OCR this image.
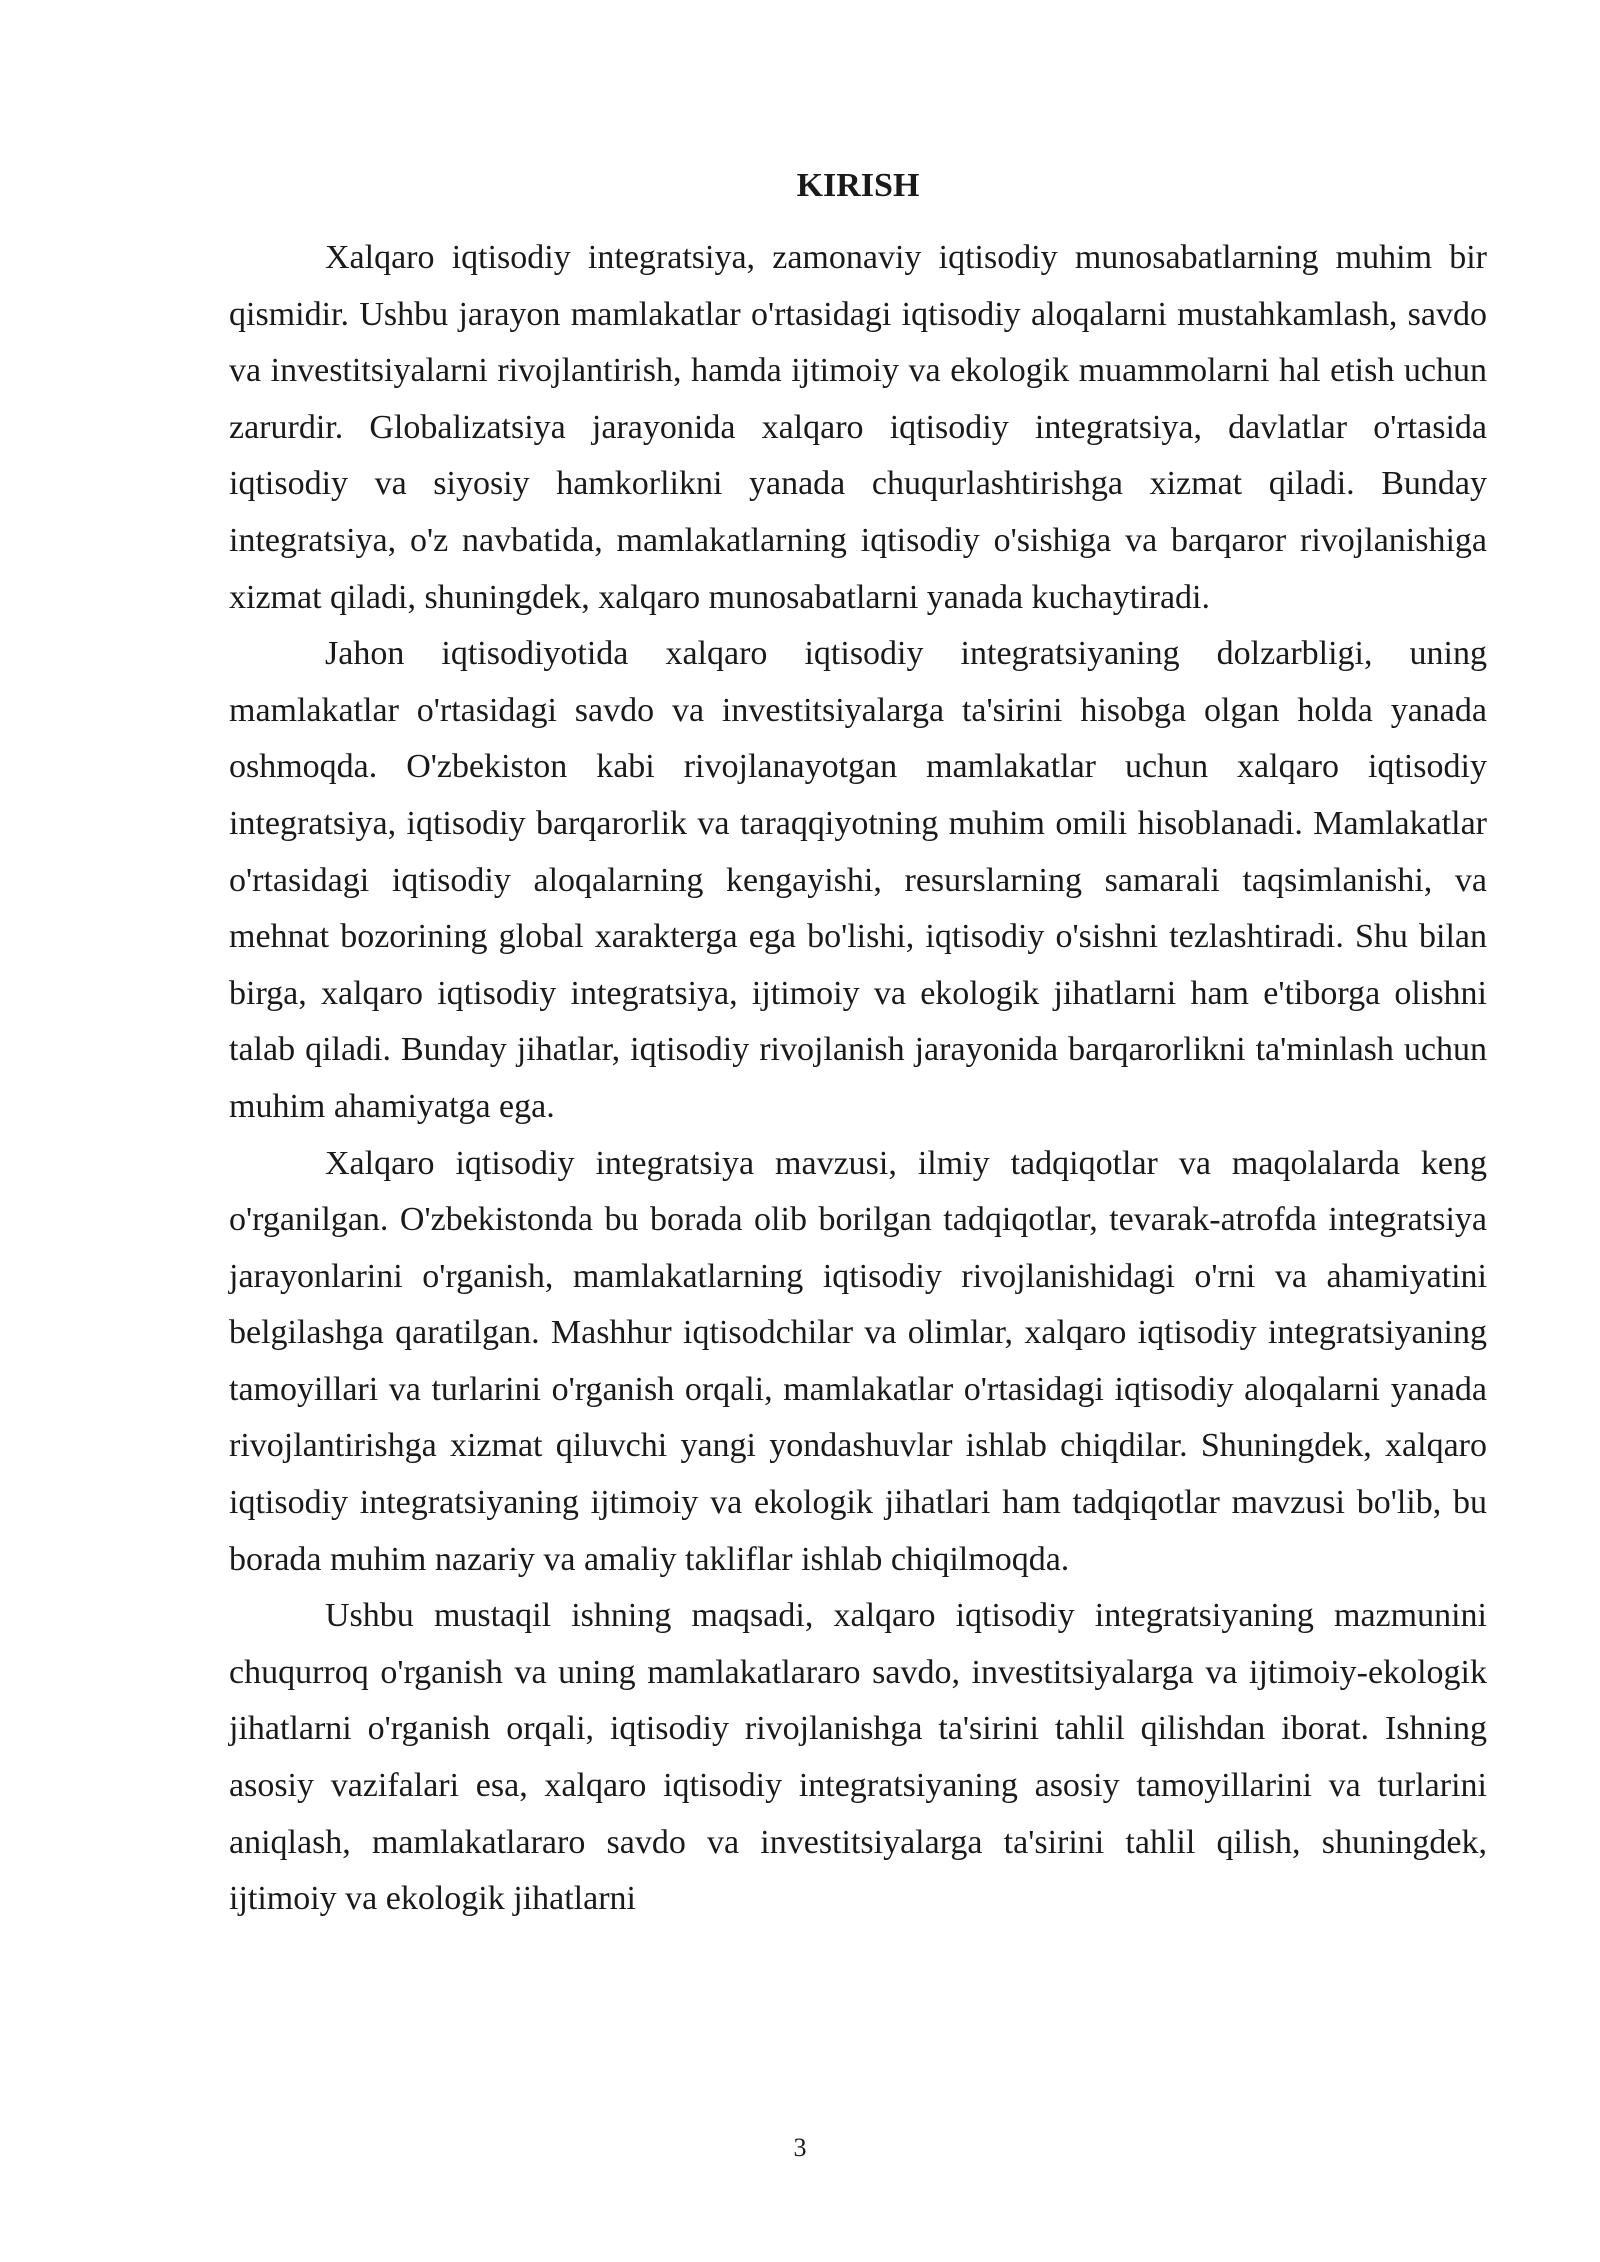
KIRISH

Xalqaro iqtisodiy integratsiya, zamonaviy iqtisodiy munosabatlarning muhim bir qismidir. Ushbu jarayon mamlakatlar o'rtasidagi iqtisodiy aloqalarni mustahkamlash, savdo va investitsiyalarni rivojlantirish, hamda ijtimoiy va ekologik muammolarni hal etish uchun zarurdir. Globalizatsiya jarayonida xalqaro iqtisodiy integratsiya, davlatlar o'rtasida iqtisodiy va siyosiy hamkorlikni yanada chuqurlashtirishga xizmat qiladi. Bunday integratsiya, o'z navbatida, mamlakatlarning iqtisodiy o'sishiga va barqaror rivojlanishiga xizmat qiladi, shuningdek, xalqaro munosabatlarni yanada kuchaytiradi.

Jahon iqtisodiyotida xalqaro iqtisodiy integratsiyaning dolzarbligi, uning mamlakatlar o'rtasidagi savdo va investitsiyalarga ta'sirini hisobga olgan holda yanada oshmoqda. O'zbekiston kabi rivojlanayotgan mamlakatlar uchun xalqaro iqtisodiy integratsiya, iqtisodiy barqarorlik va taraqqiyotning muhim omili hisoblanadi. Mamlakatlar o'rtasidagi iqtisodiy aloqalarning kengayishi, resurslarning samarali taqsimlanishi, va mehnat bozorining global xarakterga ega bo'lishi, iqtisodiy o'sishni tezlashtiradi. Shu bilan birga, xalqaro iqtisodiy integratsiya, ijtimoiy va ekologik jihatlarni ham e'tiborga olishni talab qiladi. Bunday jihatlar, iqtisodiy rivojlanish jarayonida barqarorlikni ta'minlash uchun muhim ahamiyatga ega.

Xalqaro iqtisodiy integratsiya mavzusi, ilmiy tadqiqotlar va maqolalarda keng o'rganilgan. O'zbekistonda bu borada olib borilgan tadqiqotlar, tevarak-atrofda integratsiya jarayonlarini o'rganish, mamlakatlarning iqtisodiy rivojlanishidagi o'rni va ahamiyatini belgilashga qaratilgan. Mashhur iqtisodchilar va olimlar, xalqaro iqtisodiy integratsiyaning tamoyillari va turlarini o'rganish orqali, mamlakatlar o'rtasidagi iqtisodiy aloqalarni yanada rivojlantirishga xizmat qiluvchi yangi yondashuvlar ishlab chiqdilar. Shuningdek, xalqaro iqtisodiy integratsiyaning ijtimoiy va ekologik jihatlari ham tadqiqotlar mavzusi bo'lib, bu borada muhim nazariy va amaliy takliflar ishlab chiqilmoqda.

Ushbu mustaqil ishning maqsadi, xalqaro iqtisodiy integratsiyaning mazmunini chuqurroq o'rganish va uning mamlakatlararo savdo, investitsiyalarga va ijtimoiy-ekologik jihatlarni o'rganish orqali, iqtisodiy rivojlanishga ta'sirini tahlil qilishdan iborat. Ishning asosiy vazifalari esa, xalqaro iqtisodiy integratsiyaning asosiy tamoyillarini va turlarini aniqlash, mamlakatlararo savdo va investitsiyalarga ta'sirini tahlil qilish, shuningdek, ijtimoiy va ekologik jihatlarni

3
